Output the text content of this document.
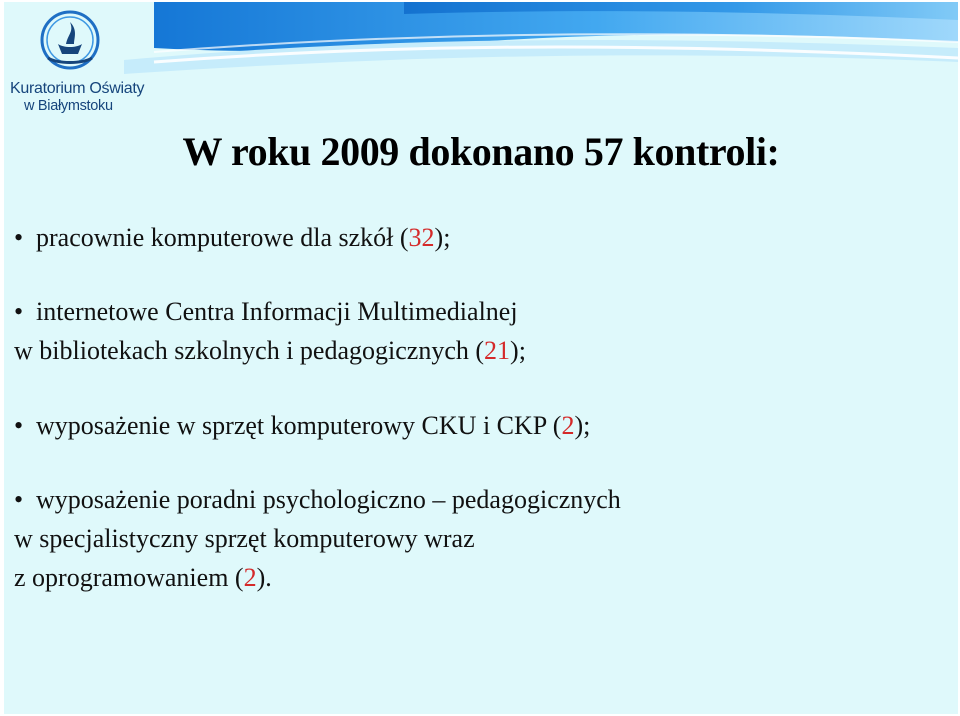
Kuratorium Oświaty
w Białymstoku
W roku 2009 dokonano 57 kontroli:
• pracownie komputerowe dla szkół (32);
• internetowe Centra Informacji Multimedialnej
w bibliotekach szkolnych i pedagogicznych (21);
• wyposażenie w sprzęt komputerowy CKU i CKP (2);
• wyposażenie poradni psychologiczno – pedagogicznych
w specjalistyczny sprzęt komputerowy wraz
z oprogramowaniem (2).
